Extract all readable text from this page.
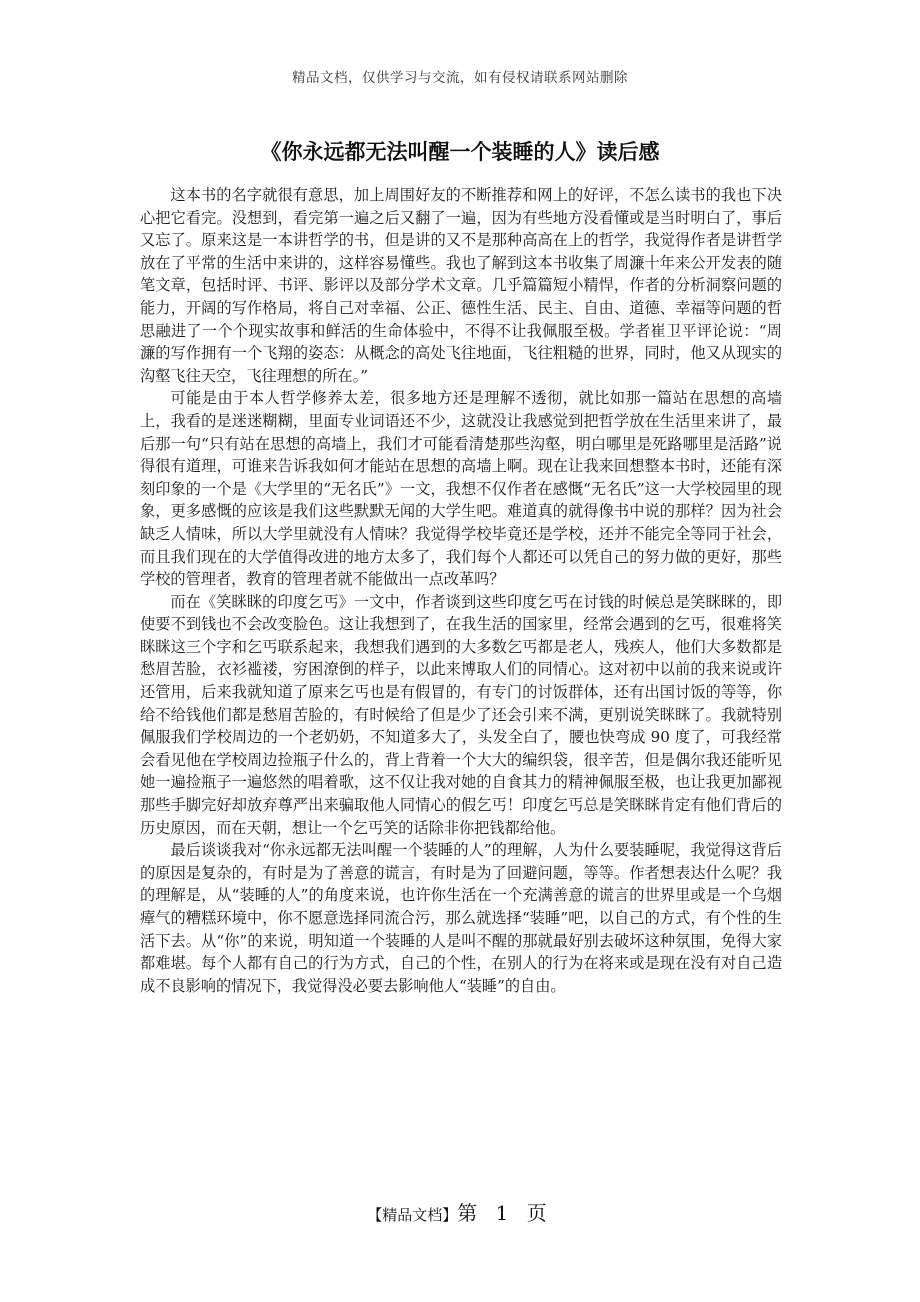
精品文档，仅供学习与交流，如有侵权请联系网站删除
《你永远都无法叫醒一个装睡的人》读后感

这本书的名字就很有意思，加上周围好友的不断推荐和网上的好评，不怎么读书的我也下决心把它看完。没想到，看完第一遍之后又翻了一遍，因为有些地方没看懂或是当时明白了，事后又忘了。原来这是一本讲哲学的书，但是讲的又不是那种高高在上的哲学，我觉得作者是讲哲学放在了平常的生活中来讲的，这样容易懂些。我也了解到这本书收集了周濂十年来公开发表的随笔文章，包括时评、书评、影评以及部分学术文章。几乎篇篇短小精悍，作者的分析洞察问题的能力，开阔的写作格局，将自己对幸福、公正、德性生活、民主、自由、道德、幸福等问题的哲思融进了一个个现实故事和鲜活的生命体验中，不得不让我佩服至极。学者崔卫平评论说：“周濂的写作拥有一个飞翔的姿态：从概念的高处飞往地面，飞往粗糙的世界，同时，他又从现实的沟壑飞往天空，飞往理想的所在。”

可能是由于本人哲学修养太差，很多地方还是理解不透彻，就比如那一篇站在思想的高墙上，我看的是迷迷糊糊，里面专业词语还不少，这就没让我感觉到把哲学放在生活里来讲了，最后那一句“只有站在思想的高墙上，我们才可能看清楚那些沟壑，明白哪里是死路哪里是活路”说得很有道理，可谁来告诉我如何才能站在思想的高墙上啊。现在让我来回想整本书时，还能有深刻印象的一个是《大学里的“无名氏”》一文，我想不仅作者在感慨“无名氏”这一大学校园里的现象，更多感慨的应该是我们这些默默无闻的大学生吧。难道真的就得像书中说的那样？因为社会缺乏人情味，所以大学里就没有人情味？我觉得学校毕竟还是学校，还并不能完全等同于社会，而且我们现在的大学值得改进的地方太多了，我们每个人都还可以凭自己的努力做的更好，那些学校的管理者，教育的管理者就不能做出一点改革吗？

而在《笑眯眯的印度乞丐》一文中，作者谈到这些印度乞丐在讨钱的时候总是笑眯眯的，即使要不到钱也不会改变脸色。这让我想到了，在我生活的国家里，经常会遇到的乞丐，很难将笑眯眯这三个字和乞丐联系起来，我想我们遇到的大多数乞丐都是老人，残疾人，他们大多数都是愁眉苦脸，衣衫褴褛，穷困潦倒的样子，以此来博取人们的同情心。这对初中以前的我来说或许还管用，后来我就知道了原来乞丐也是有假冒的，有专门的讨饭群体，还有出国讨饭的等等，你给不给钱他们都是愁眉苦脸的，有时候给了但是少了还会引来不满，更别说笑眯眯了。我就特别佩服我们学校周边的一个老奶奶，不知道多大了，头发全白了，腰也快弯成 90 度了，可我经常会看见他在学校周边捡瓶子什么的，背上背着一个大大的编织袋，很辛苦，但是偶尔我还能听见她一遍捡瓶子一遍悠然的唱着歌，这不仅让我对她的自食其力的精神佩服至极，也让我更加鄙视那些手脚完好却放弃尊严出来骗取他人同情心的假乞丐！印度乞丐总是笑眯眯肯定有他们背后的历史原因，而在天朝，想让一个乞丐笑的话除非你把钱都给他。

最后谈谈我对“你永远都无法叫醒一个装睡的人”的理解，人为什么要装睡呢，我觉得这背后的原因是复杂的，有时是为了善意的谎言，有时是为了回避问题，等等。作者想表达什么呢？我的理解是，从“装睡的人”的角度来说，也许你生活在一个充满善意的谎言的世界里或是一个乌烟瘴气的糟糕环境中，你不愿意选择同流合污，那么就选择“装睡”吧，以自己的方式，有个性的生活下去。从“你”的来说，明知道一个装睡的人是叫不醒的那就最好别去破坏这种氛围，免得大家都难堪。每个人都有自己的行为方式，自己的个性，在别人的行为在将来或是现在没有对自己造成不良影响的情况下，我觉得没必要去影响他人“装睡”的自由。

【精品文档】第 1 页
